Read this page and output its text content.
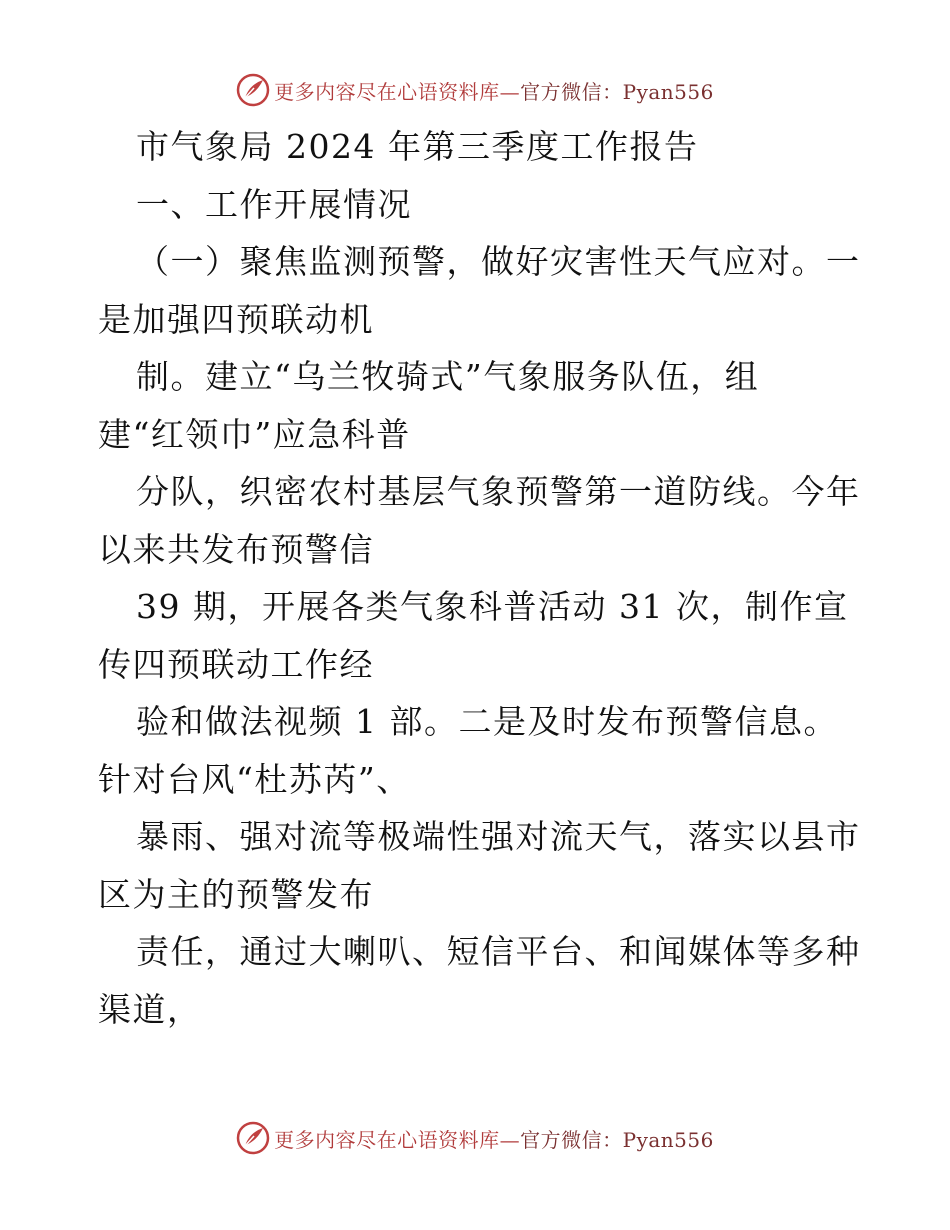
更多内容尽在心语资料库—官方微信：Pyan556
市气象局 2024 年第三季度工作报告
一、工作开展情况
（一）聚焦监测预警，做好灾害性天气应对。一
是加强四预联动机
制。建立“乌兰牧骑式”气象服务队伍，组
建“红领巾”应急科普
分队，织密农村基层气象预警第一道防线。今年
以来共发布预警信
39 期，开展各类气象科普活动 31 次，制作宣
传四预联动工作经
验和做法视频 1 部。二是及时发布预警信息。
针对台风“杜苏芮”、
暴雨、强对流等极端性强对流天气，落实以县市
区为主的预警发布
责任，通过大喇叭、短信平台、和闻媒体等多种
渠道，
更多内容尽在心语资料库—官方微信：Pyan556
